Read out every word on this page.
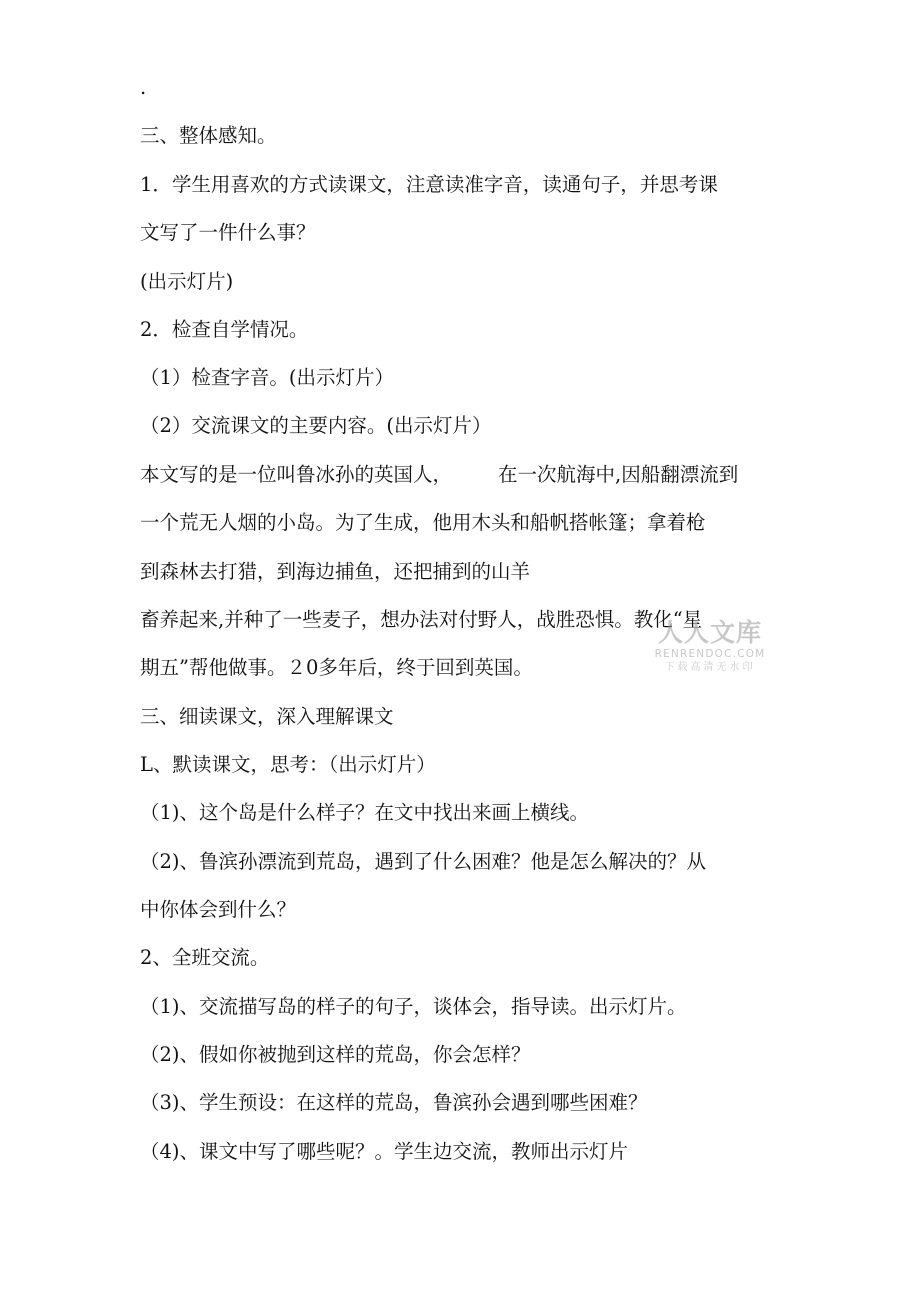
.
三、整体感知。
1．学生用喜欢的方式读课文，注意读准字音，读通句子，并思考课
文写了一件什么事？
(出示灯片)
2．检查自学情况。
（1）检查字音。(出示灯片）
（2）交流课文的主要内容。(出示灯片）
本文写的是一位叫鲁冰孙的英国人， 在一次航海中,因船翻漂流到
一个荒无人烟的小岛。为了生成，他用木头和船帆搭帐篷；拿着枪
到森林去打猎，到海边捕鱼，还把捕到的山羊
畜养起来,并种了一些麦子，想办法对付野人，战胜恐惧。教化“星
期五”帮他做事。２0多年后，终于回到英国。
三、细读课文，深入理解课文
L、默读课文，思考：（出示灯片）
（1)、这个岛是什么样子？在文中找出来画上横线。
（2)、鲁滨孙漂流到荒岛，遇到了什么困难？他是怎么解决的？从
中你体会到什么？
2、全班交流。
（1)、交流描写岛的样子的句子，谈体会，指导读。出示灯片。
（2)、假如你被抛到这样的荒岛，你会怎样？
（3)、学生预设：在这样的荒岛，鲁滨孙会遇到哪些困难？
（4)、课文中写了哪些呢？。学生边交流，教师出示灯片
人人文库
RENRENDOC.COM
下载高清无水印
